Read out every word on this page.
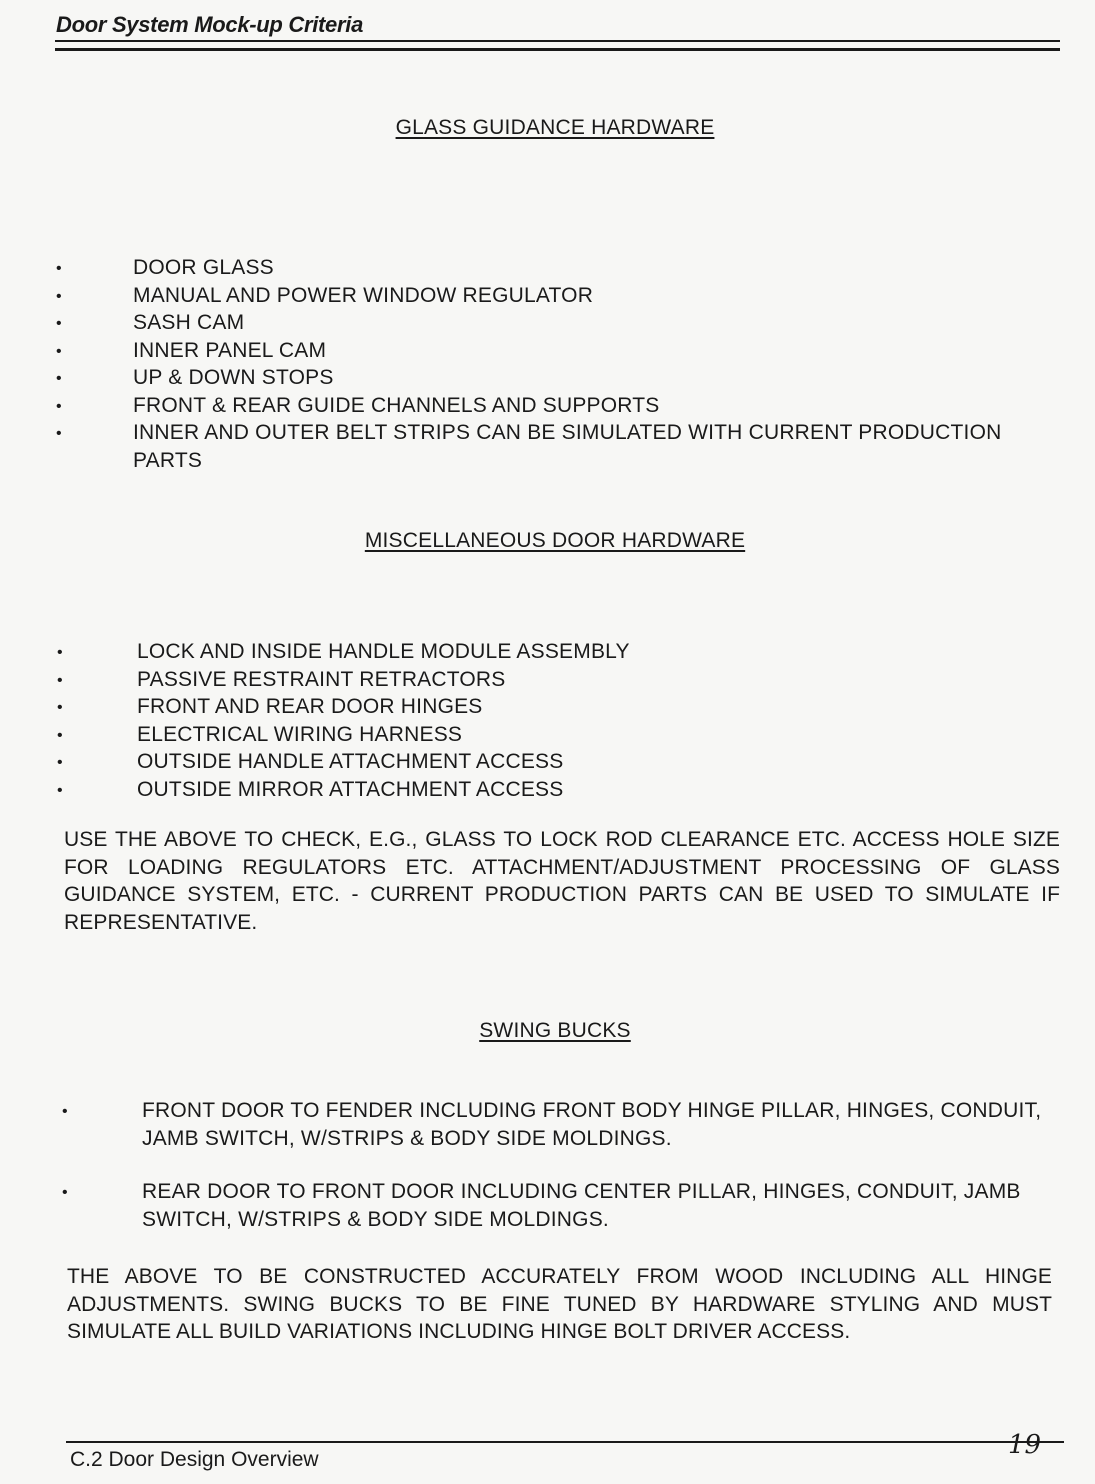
Door System Mock-up Criteria
GLASS GUIDANCE HARDWARE
•	DOOR GLASS
•	MANUAL AND POWER WINDOW REGULATOR
•	SASH CAM
•	INNER PANEL CAM
•	UP & DOWN STOPS
•	FRONT & REAR GUIDE CHANNELS AND SUPPORTS
•	INNER AND OUTER BELT STRIPS CAN BE SIMULATED WITH CURRENT PRODUCTION PARTS
MISCELLANEOUS DOOR HARDWARE
•	LOCK AND INSIDE HANDLE MODULE ASSEMBLY
•	PASSIVE RESTRAINT RETRACTORS
•	FRONT AND REAR DOOR HINGES
•	ELECTRICAL WIRING HARNESS
•	OUTSIDE HANDLE ATTACHMENT ACCESS
•	OUTSIDE MIRROR ATTACHMENT ACCESS

USE THE ABOVE TO CHECK, E.G., GLASS TO LOCK ROD CLEARANCE ETC. ACCESS HOLE SIZE FOR LOADING REGULATORS ETC. ATTACHMENT/ADJUSTMENT PROCESSING OF GLASS GUIDANCE SYSTEM, ETC. - CURRENT PRODUCTION PARTS CAN BE USED TO SIMULATE IF REPRESENTATIVE.

SWING BUCKS
•	FRONT DOOR TO FENDER INCLUDING FRONT BODY HINGE PILLAR, HINGES, CONDUIT, JAMB SWITCH, W/STRIPS & BODY SIDE MOLDINGS.
•	REAR DOOR TO FRONT DOOR INCLUDING CENTER PILLAR, HINGES, CONDUIT, JAMB SWITCH, W/STRIPS & BODY SIDE MOLDINGS.

THE ABOVE TO BE CONSTRUCTED ACCURATELY FROM WOOD INCLUDING ALL HINGE ADJUSTMENTS. SWING BUCKS TO BE FINE TUNED BY HARDWARE STYLING AND MUST SIMULATE ALL BUILD VARIATIONS INCLUDING HINGE BOLT DRIVER ACCESS.

C.2 Door Design Overview	19
